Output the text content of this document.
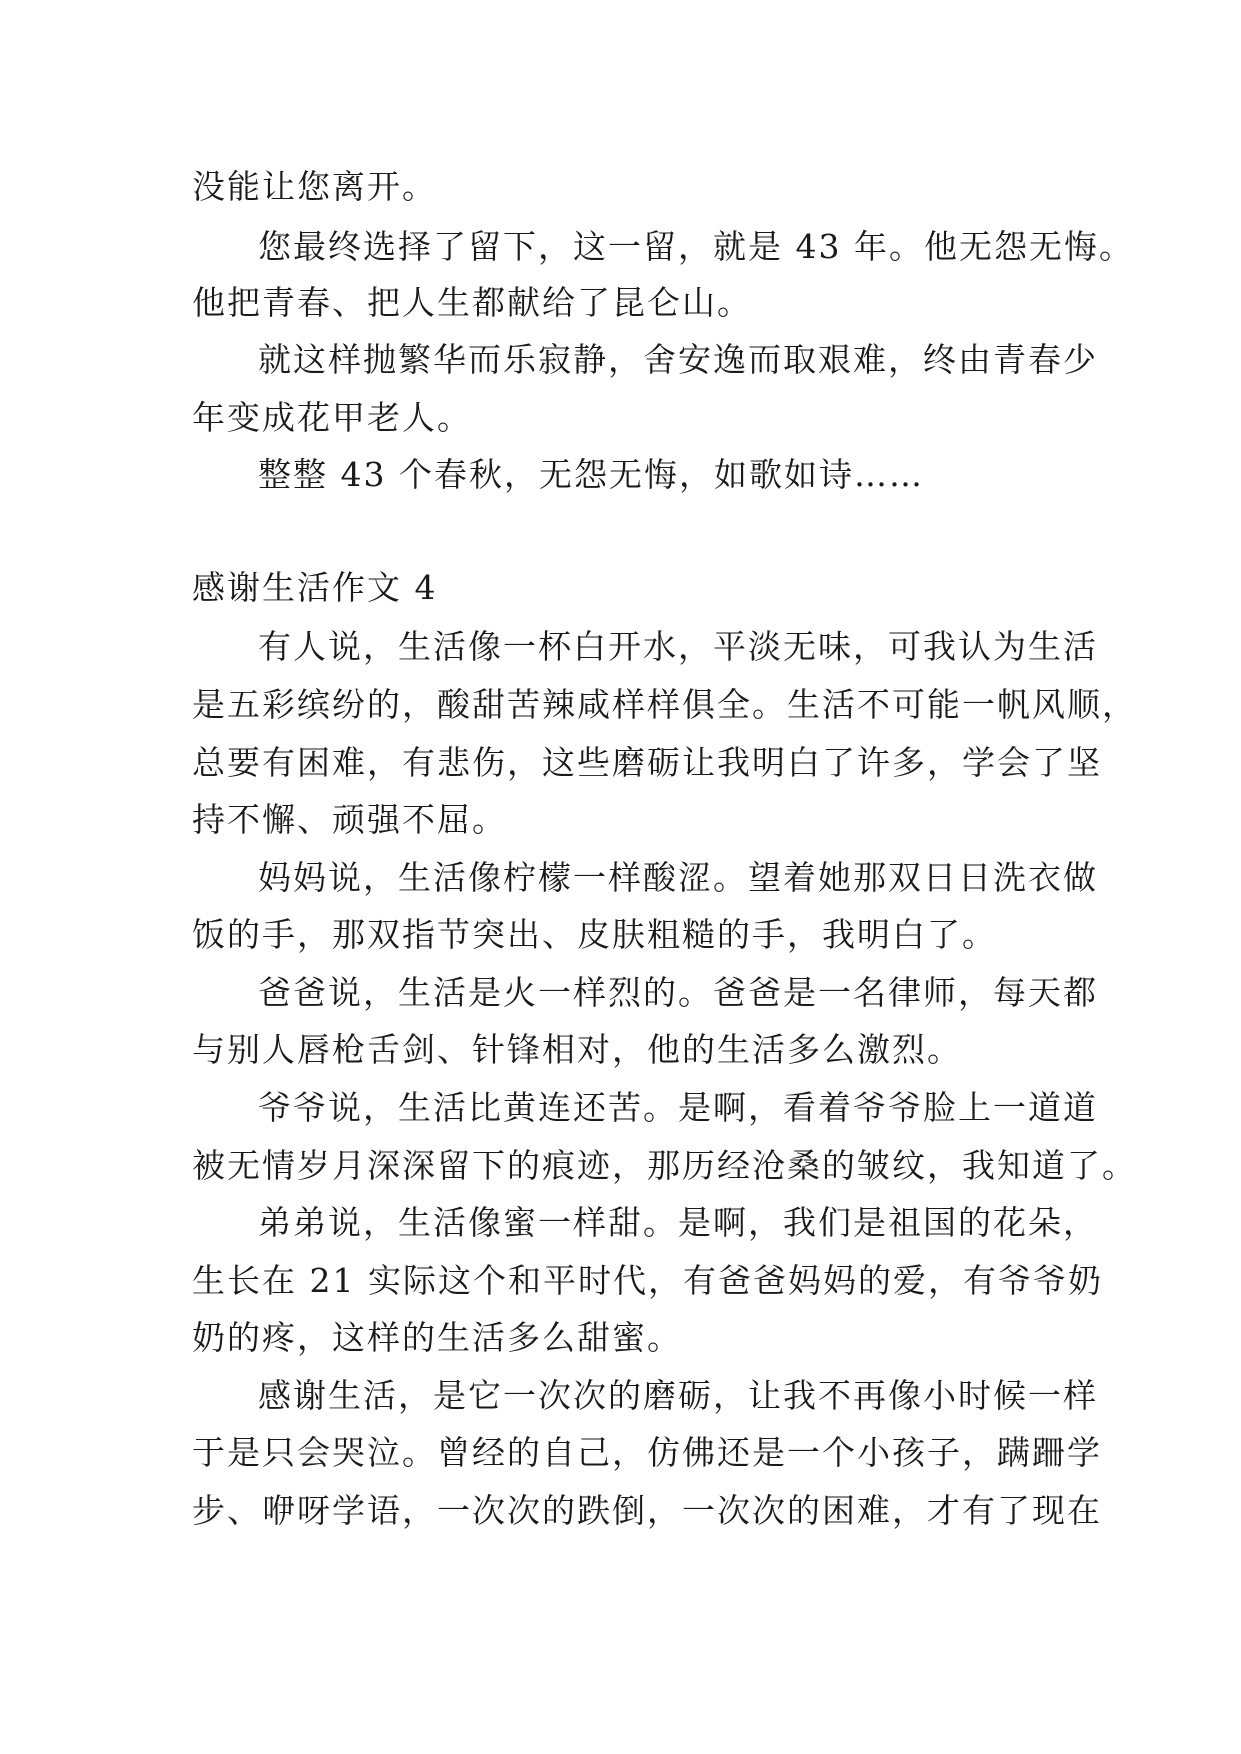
没能让您离开。
您最终选择了留下，这一留，就是 43 年。他无怨无悔。
他把青春、把人生都献给了昆仑山。
就这样抛繁华而乐寂静，舍安逸而取艰难，终由青春少
年变成花甲老人。
整整 43 个春秋，无怨无悔，如歌如诗……
感谢生活作文 4
有人说，生活像一杯白开水，平淡无味，可我认为生活
是五彩缤纷的，酸甜苦辣咸样样俱全。生活不可能一帆风顺，
总要有困难，有悲伤，这些磨砺让我明白了许多，学会了坚
持不懈、顽强不屈。
妈妈说，生活像柠檬一样酸涩。望着她那双日日洗衣做
饭的手，那双指节突出、皮肤粗糙的手，我明白了。
爸爸说，生活是火一样烈的。爸爸是一名律师，每天都
与别人唇枪舌剑、针锋相对，他的生活多么激烈。
爷爷说，生活比黄连还苦。是啊，看着爷爷脸上一道道
被无情岁月深深留下的痕迹，那历经沧桑的皱纹，我知道了。
弟弟说，生活像蜜一样甜。是啊，我们是祖国的花朵，
生长在 21 实际这个和平时代，有爸爸妈妈的爱，有爷爷奶
奶的疼，这样的生活多么甜蜜。
感谢生活，是它一次次的磨砺，让我不再像小时候一样
于是只会哭泣。曾经的自己，仿佛还是一个小孩子，蹒跚学
步、咿呀学语，一次次的跌倒，一次次的困难，才有了现在
